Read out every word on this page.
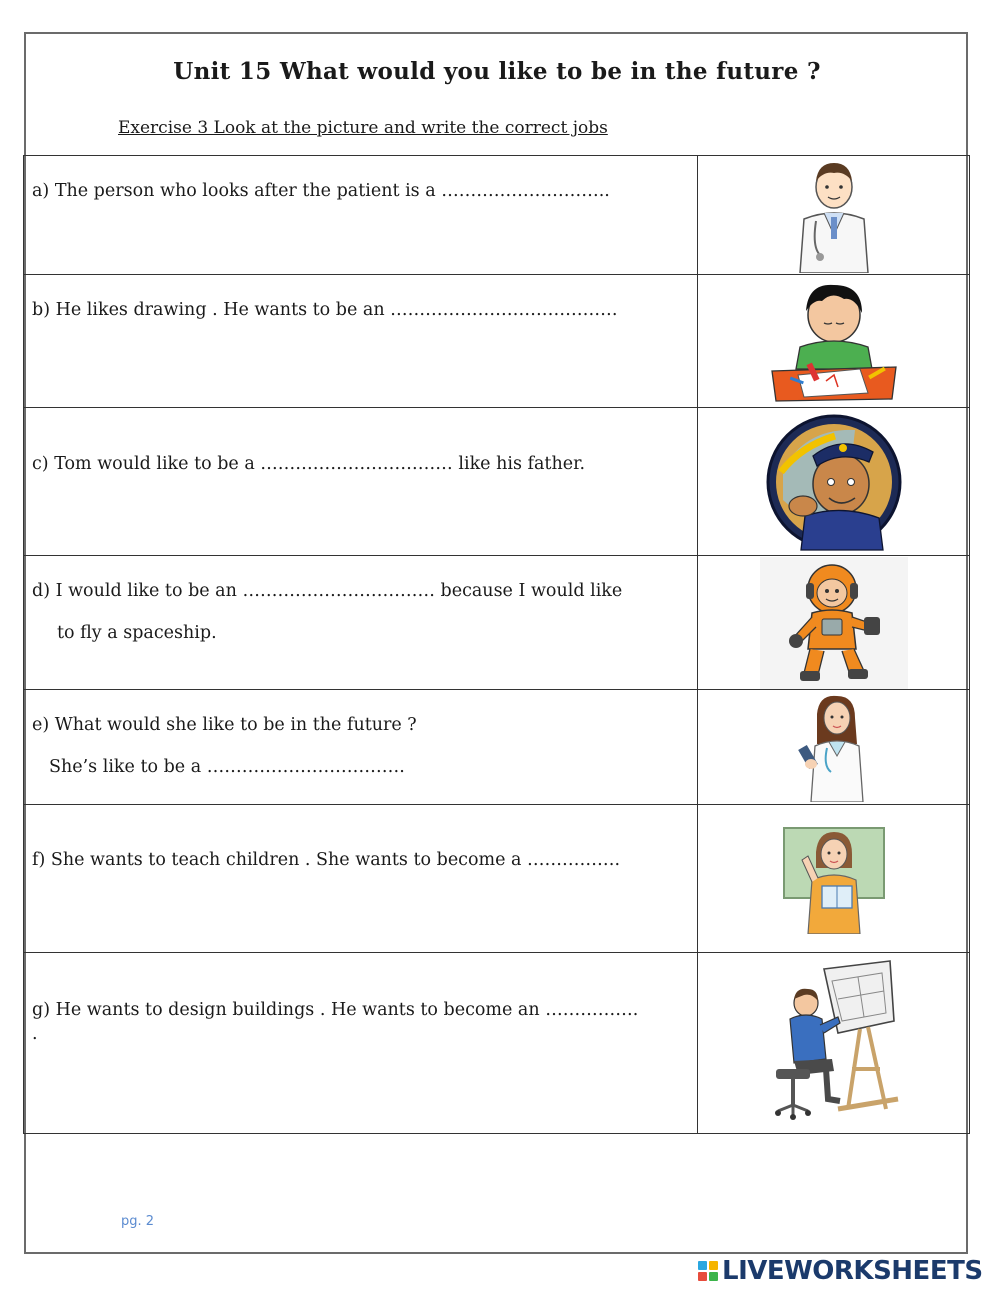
Unit 15 What would you like to be in the future ?
Exercise 3 Look at the picture and write the correct jobs
a) The person who looks after the patient is a ………………………..

b) He likes drawing . He wants to be an …………………………………

c) Tom would like to be a …………………………… like his father.

d) I would like to be an …………………………… because I would like
to fly a spaceship.

e) What would she like to be in the future ?
She’s like to be a …………………………….

f) She wants to teach children . She wants to become a …………….

g) He wants to design buildings . He wants to become an …………….
.

pg. 2
LIVEWORKSHEETS
